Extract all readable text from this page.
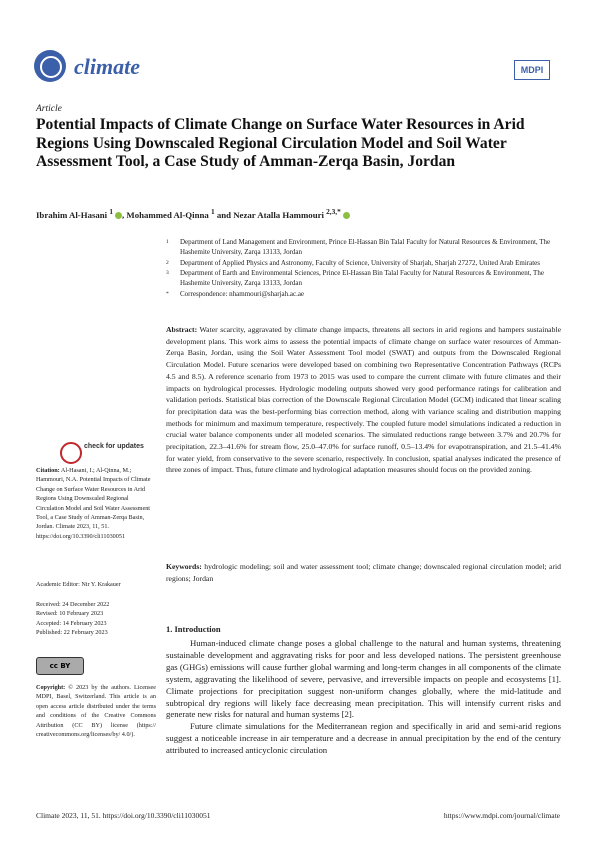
climate	MDPI
Article
Potential Impacts of Climate Change on Surface Water Resources in Arid Regions Using Downscaled Regional Circulation Model and Soil Water Assessment Tool, a Case Study of Amman-Zerqa Basin, Jordan
Ibrahim Al-Hasani $^1$ , Mohammed Al-Qinna $^1$ and Nezar Atalla Hammouri $^{2,3,*}$
1	Department of Land Management and Environment, Prince El-Hassan Bin Talal Faculty for Natural Resources & Environment, The Hashemite University, Zarqa 13133, Jordan
2	Department of Applied Physics and Astronomy, Faculty of Science, University of Sharjah, Sharjah 27272, United Arab Emirates
3	Department of Earth and Environmental Sciences, Prince El-Hassan Bin Talal Faculty for Natural Resources & Environment, The Hashemite University, Zarqa 13133, Jordan
*	Correspondence: nhammouri@sharjah.ac.ae
Abstract: Water scarcity, aggravated by climate change impacts, threatens all sectors in arid regions and hampers sustainable development plans. This work aims to assess the potential impacts of climate change on surface water resources of Amman-Zerqa Basin, Jordan, using the Soil Water Assessment Tool model (SWAT) and outputs from the Downscaled Regional Circulation Model. Future scenarios were developed based on combining two Representative Concentration Pathways (RCPs 4.5 and 8.5). A reference scenario from 1973 to 2015 was used to compare the current climate with future climates and their impacts on hydrological processes. Hydrologic modeling outputs showed very good performance ratings for calibration and validation periods. Statistical bias correction of the Downscale Regional Circulation Model (GCM) indicated that linear scaling for precipitation data was the best-performing bias correction method, along with variance scaling and distribution mapping methods for minimum and maximum temperature, respectively. The coupled future model simulations indicated a reduction in crucial water balance components under all modeled scenarios. The simulated reductions range between 3.7% and 20.7% for precipitation, 22.3–41.6% for stream flow, 25.0–47.0% for surface runoff, 0.5–13.4% for evapotranspiration, and 21.5–41.4% for water yield, from conservative to the severe scenario, respectively. In conclusion, spatial analyses indicated the presence of three zones of impact. Thus, future climate and hydrological adaptation measures should focus on the provided zoning.
Keywords: hydrologic modeling; soil and water assessment tool; climate change; downscaled regional circulation model; arid regions; Jordan
check for updates
Citation: Al-Hasani, I.; Al-Qinna, M.; Hammouri, N.A. Potential Impacts of Climate Change on Surface Water Resources in Arid Regions Using Downscaled Regional Circulation Model and Soil Water Assessment Tool, a Case Study of Amman-Zerqa Basin, Jordan. Climate 2023, 11, 51. https://doi.org/10.3390/cli11030051
Academic Editor: Nir Y. Krakauer
Received: 24 December 2022
Revised: 10 February 2023
Accepted: 14 February 2023
Published: 22 February 2023
cc BY
Copyright: © 2023 by the authors. Licensee MDPI, Basel, Switzerland. This article is an open access article distributed under the terms and conditions of the Creative Commons Attribution (CC BY) license (https:// creativecommons.org/licenses/by/ 4.0/).
1. Introduction

Human-induced climate change poses a global challenge to the natural and human systems, threatening sustainable development and aggravating risks for poor and less developed nations. The persistent greenhouse gas (GHGs) emissions will cause further global warming and long-term changes in all components of the climate system, aggravating the likelihood of severe, pervasive, and irreversible impacts on people and ecosystems [1]. Climate projections for precipitation suggest non-uniform changes globally, where the mid-latitude and subtropical dry regions will likely face decreasing mean precipitation. This will intensify current risks and generate new risks for natural and human systems [2].

Future climate simulations for the Mediterranean region and specifically in arid and semi-arid regions suggest a noticeable increase in air temperature and a decrease in annual precipitation by the end of the century attributed to increased anticyclonic circulation

Climate 2023, 11, 51. https://doi.org/10.3390/cli11030051	https://www.mdpi.com/journal/climate
